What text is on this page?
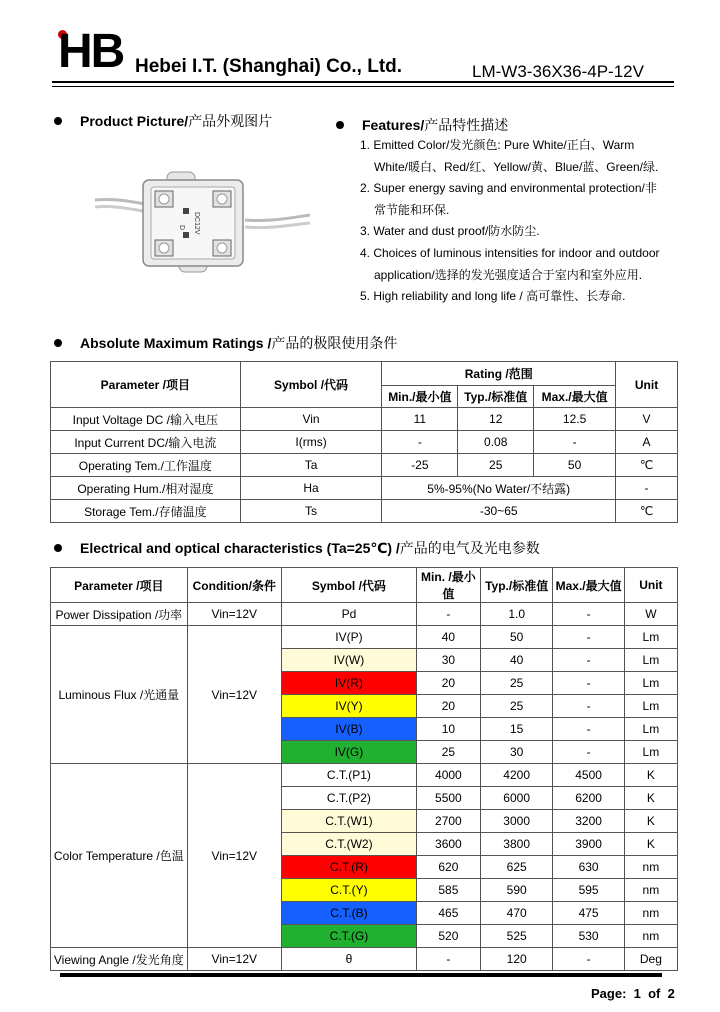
HB Hebei I.T. (Shanghai) Co., Ltd.	LM-W3-36X36-4P-12V
Product Picture/产品外观图片
D DC12V
Features/产品特性描述
1. Emitted Color/发光颜色: Pure White/正白、Warm
White/暖白、Red/红、Yellow/黄、Blue/蓝、Green/绿.
2. Super energy saving and environmental protection/非
常节能和环保.
3. Water and dust proof/防水防尘.
4. Choices of luminous intensities for indoor and outdoor
application/选择的发光强度适合于室内和室外应用.
5. High reliability and long life / 高可靠性、长寿命.
Absolute Maximum Ratings /产品的极限使用条件
Parameter /项目	Symbol /代码	Rating /范围			Unit
		Min./最小值	Typ./标准值	Max./最大值	
Input Voltage DC /输入电压	Vin	11	12	12.5	V
Input Current DC/输入电流	I(rms)	-	0.08	-	A
Operating Tem./工作温度	Ta	-25	25	50	℃
Operating Hum./相对湿度	Ha	5%-95%(No Water/不结露)			-
Storage Tem./存储温度	Ts	-30~65			℃
Electrical and optical characteristics (Ta=25℃) /产品的电气及光电参数
Parameter /项目	Condition/条件	Symbol /代码	Min. /最小值	Typ./标准值	Max./最大值	Unit
Power Dissipation /功率	Vin=12V	Pd	-	1.0	-	W
Luminous Flux /光通量	Vin=12V	IV(P)	40	50	-	Lm
		IV(W)	30	40	-	Lm
		IV(R)	20	25	-	Lm
		IV(Y)	20	25	-	Lm
		IV(B)	10	15	-	Lm
		IV(G)	25	30	-	Lm
Color Temperature /色温	Vin=12V	C.T.(P1)	4000	4200	4500	K
		C.T.(P2)	5500	6000	6200	K
		C.T.(W1)	2700	3000	3200	K
		C.T.(W2)	3600	3800	3900	K
		C.T.(R)	620	625	630	nm
		C.T.(Y)	585	590	595	nm
		C.T.(B)	465	470	475	nm
		C.T.(G)	520	525	530	nm
Viewing Angle /发光角度	Vin=12V	θ	-	120	-	Deg
Page: 1 of 2
